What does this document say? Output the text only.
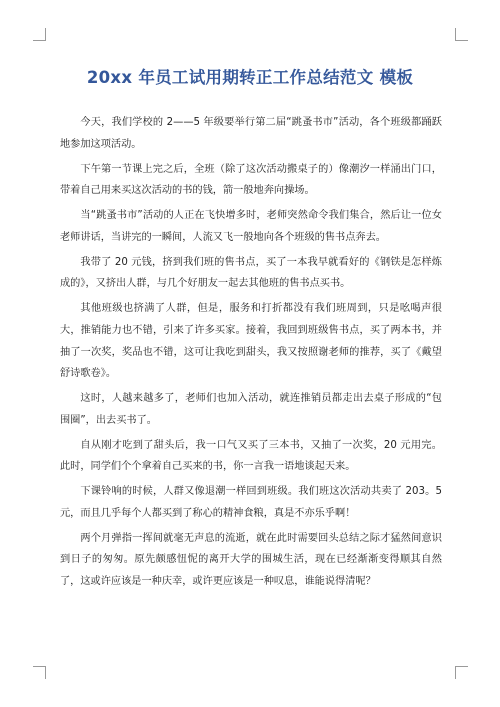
20xx 年员工试用期转正工作总结范文 模板

今天，我们学校的 2——5 年级要举行第二届“跳蚤书市”活动，各个班级都踊跃地参加这项活动。

下午第一节课上完之后，全班（除了这次活动搬桌子的）像潮汐一样涌出门口，带着自己用来买这次活动的书的钱，箭一般地奔向操场。

当“跳蚤书市”活动的人正在飞快增多时，老师突然命令我们集合，然后让一位女老师讲话，当讲完的一瞬间，人流又飞一般地向各个班级的售书点奔去。

我带了 20 元钱，挤到我们班的售书点，买了一本我早就看好的《钢铁是怎样炼成的》，又挤出人群，与几个好朋友一起去其他班的售书点买书。

其他班级也挤满了人群，但是，服务和打折都没有我们班周到，只是吆喝声很大，推销能力也不错，引来了许多买家。接着，我回到班级售书点，买了两本书，并抽了一次奖，奖品也不错，这可让我吃到甜头，我又按照谢老师的推荐，买了《戴望舒诗歌卷》。

这时，人越来越多了，老师们也加入活动，就连推销员都走出去桌子形成的“包围圈”，出去买书了。

自从刚才吃到了甜头后，我一口气又买了三本书，又抽了一次奖，20 元用完。此时，同学们个个拿着自己买来的书，你一言我一语地谈起天来。

下课铃响的时候，人群又像退潮一样回到班级。我们班这次活动共卖了 203。5 元，而且几乎每个人都买到了称心的精神食粮，真是不亦乐乎啊！

两个月弹指一挥间就毫无声息的流逝，就在此时需要回头总结之际才猛然间意识到日子的匆匆。原先颇感忸怩的离开大学的围城生活，现在已经渐渐变得顺其自然了，这或许应该是一种庆幸，或许更应该是一种叹息，谁能说得清呢？
